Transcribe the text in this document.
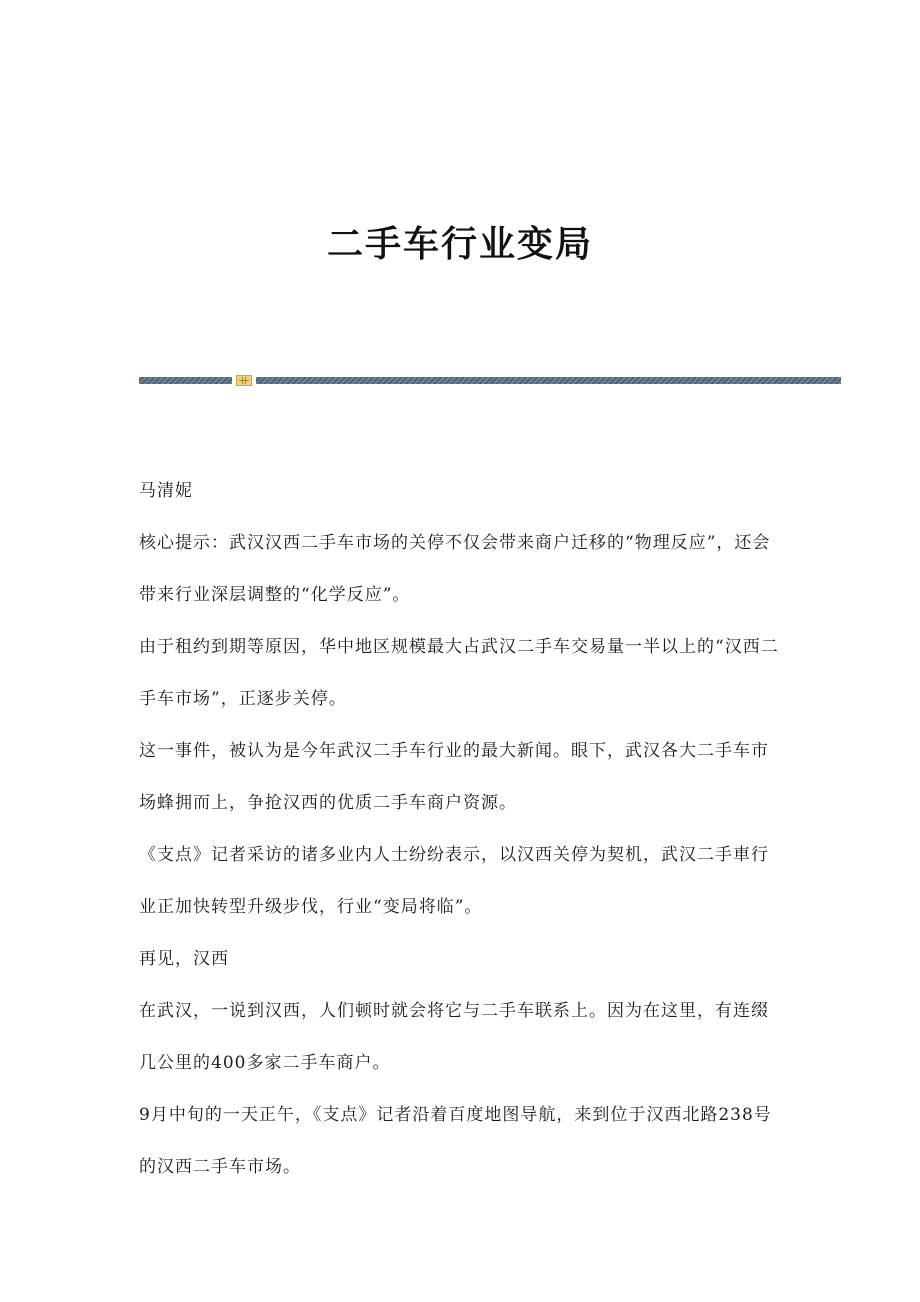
二手车行业变局

马清妮

核心提示：武汉汉西二手车市场的关停不仅会带来商户迁移的“物理反应”，还会带来行业深层调整的“化学反应”。

由于租约到期等原因，华中地区规模最大占武汉二手车交易量一半以上的“汉西二手车市场”，正逐步关停。

这一事件，被认为是今年武汉二手车行业的最大新闻。眼下，武汉各大二手车市场蜂拥而上，争抢汉西的优质二手车商户资源。

《支点》记者采访的诸多业内人士纷纷表示，以汉西关停为契机，武汉二手車行业正加快转型升级步伐，行业“变局将临”。

再见，汉西

在武汉，一说到汉西，人们顿时就会将它与二手车联系上。因为在这里，有连缀几公里的400多家二手车商户。

9月中旬的一天正午，《支点》记者沿着百度地图导航，来到位于汉西北路238号的汉西二手车市场。
